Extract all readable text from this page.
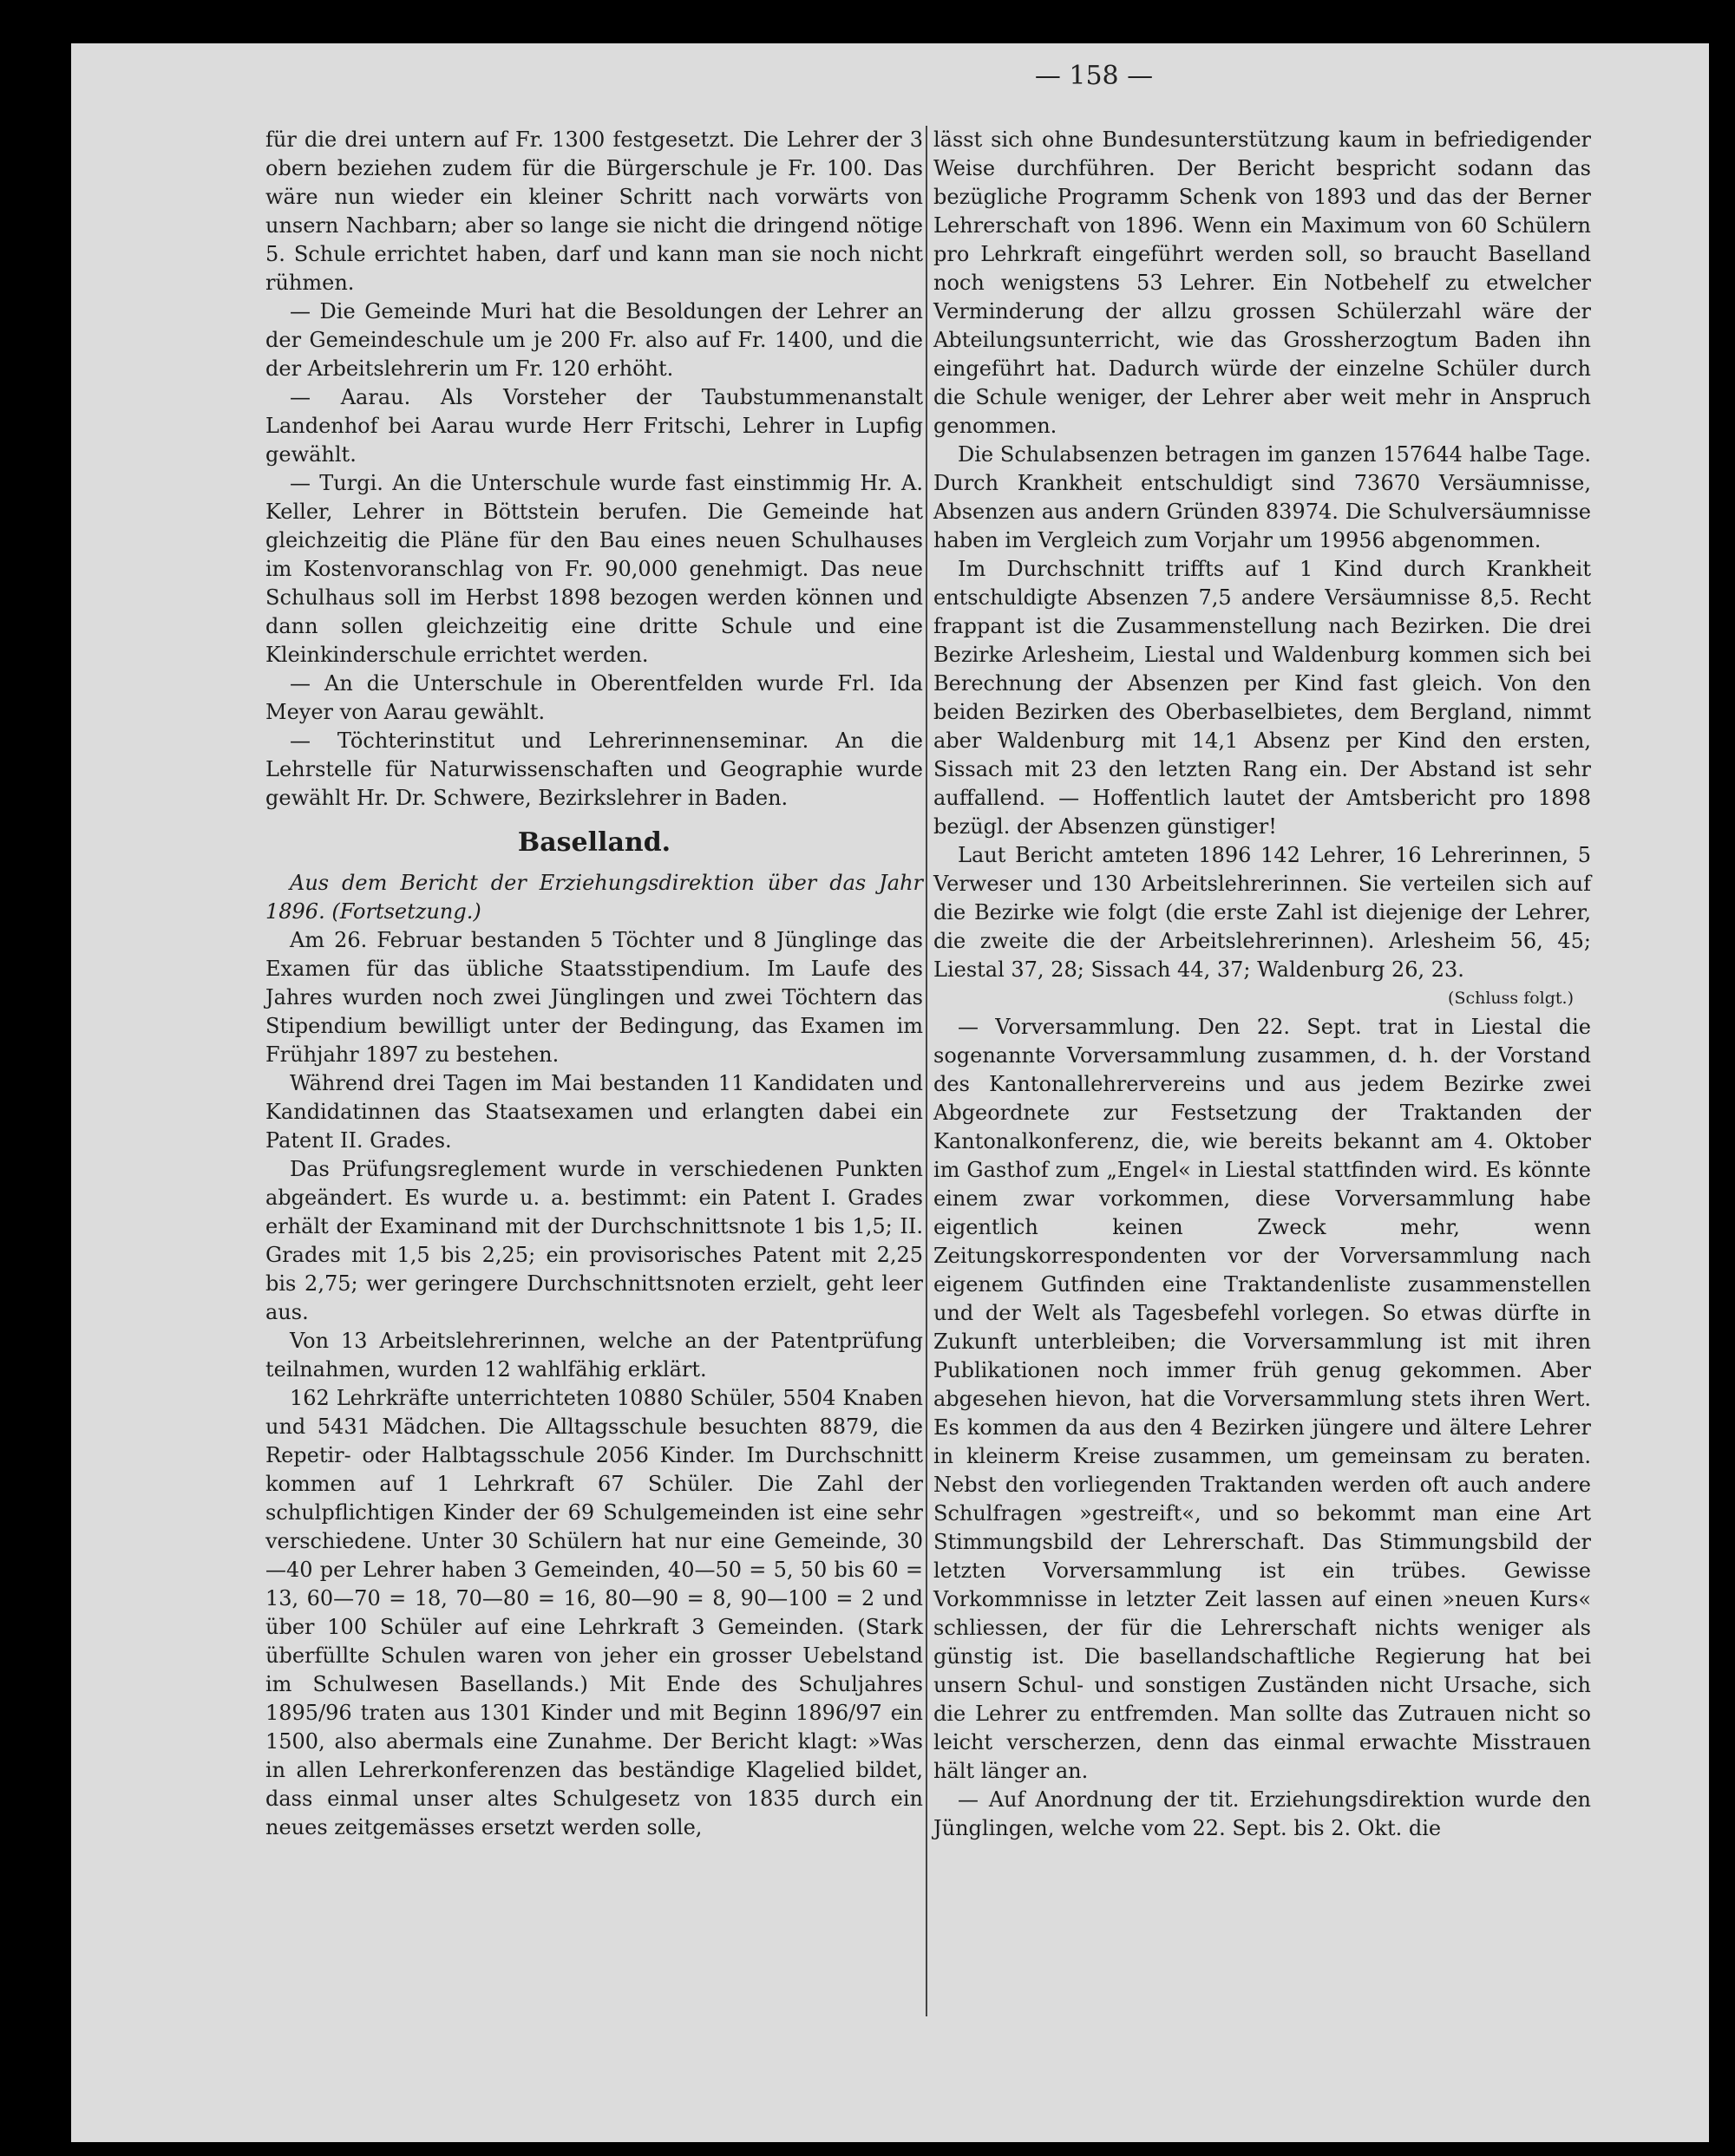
— 158 —

für die drei untern auf Fr. 1300 festgesetzt. Die Lehrer der 3 obern beziehen zudem für die Bürgerschule je Fr. 100. Das wäre nun wieder ein kleiner Schritt nach vorwärts von unsern Nachbarn; aber so lange sie nicht die dringend nötige 5. Schule errichtet haben, darf und kann man sie noch nicht rühmen.

— Die Gemeinde Muri hat die Besoldungen der Lehrer an der Gemeindeschule um je 200 Fr. also auf Fr. 1400, und die der Arbeitslehrerin um Fr. 120 erhöht.

— Aarau. Als Vorsteher der Taubstummenanstalt Landenhof bei Aarau wurde Herr Fritschi, Lehrer in Lupfig gewählt.

— Turgi. An die Unterschule wurde fast einstimmig Hr. A. Keller, Lehrer in Böttstein berufen. Die Gemeinde hat gleichzeitig die Pläne für den Bau eines neuen Schulhauses im Kostenvoranschlag von Fr. 90,000 genehmigt. Das neue Schulhaus soll im Herbst 1898 bezogen werden können und dann sollen gleichzeitig eine dritte Schule und eine Kleinkinderschule errichtet werden.

— An die Unterschule in Oberentfelden wurde Frl. Ida Meyer von Aarau gewählt.

— Töchterinstitut und Lehrerinnenseminar. An die Lehrstelle für Naturwissenschaften und Geographie wurde gewählt Hr. Dr. Schwere, Bezirkslehrer in Baden.

Baselland.

Aus dem Bericht der Erziehungsdirektion über das Jahr 1896. (Fortsetzung.)

Am 26. Februar bestanden 5 Töchter und 8 Jünglinge das Examen für das übliche Staatsstipendium. Im Laufe des Jahres wurden noch zwei Jünglingen und zwei Töchtern das Stipendium bewilligt unter der Bedingung, das Examen im Frühjahr 1897 zu bestehen.

Während drei Tagen im Mai bestanden 11 Kandidaten und Kandidatinnen das Staatsexamen und erlangten dabei ein Patent II. Grades.

Das Prüfungsreglement wurde in verschiedenen Punkten abgeändert. Es wurde u. a. bestimmt: ein Patent I. Grades erhält der Examinand mit der Durchschnittsnote 1 bis 1,5; II. Grades mit 1,5 bis 2,25; ein provisorisches Patent mit 2,25 bis 2,75; wer geringere Durchschnittsnoten erzielt, geht leer aus.

Von 13 Arbeitslehrerinnen, welche an der Patentprüfung teilnahmen, wurden 12 wahlfähig erklärt.

162 Lehrkräfte unterrichteten 10880 Schüler, 5504 Knaben und 5431 Mädchen. Die Alltagsschule besuchten 8879, die Repetir- oder Halbtagsschule 2056 Kinder. Im Durchschnitt kommen auf 1 Lehrkraft 67 Schüler. Die Zahl der schulpflichtigen Kinder der 69 Schulgemeinden ist eine sehr verschiedene. Unter 30 Schülern hat nur eine Gemeinde, 30—40 per Lehrer haben 3 Gemeinden, 40—50 = 5, 50 bis 60 = 13, 60—70 = 18, 70—80 = 16, 80—90 = 8, 90—100 = 2 und über 100 Schüler auf eine Lehrkraft 3 Gemeinden. (Stark überfüllte Schulen waren von jeher ein grosser Uebelstand im Schulwesen Basellands.) Mit Ende des Schuljahres 1895/96 traten aus 1301 Kinder und mit Beginn 1896/97 ein 1500, also abermals eine Zunahme. Der Bericht klagt: »Was in allen Lehrerkonferenzen das beständige Klagelied bildet, dass einmal unser altes Schulgesetz von 1835 durch ein neues zeitgemässes ersetzt werden solle,

lässt sich ohne Bundesunterstützung kaum in befriedigender Weise durchführen. Der Bericht bespricht sodann das bezügliche Programm Schenk von 1893 und das der Berner Lehrerschaft von 1896. Wenn ein Maximum von 60 Schülern pro Lehrkraft eingeführt werden soll, so braucht Baselland noch wenigstens 53 Lehrer. Ein Notbehelf zu etwelcher Verminderung der allzu grossen Schülerzahl wäre der Abteilungsunterricht, wie das Grossherzogtum Baden ihn eingeführt hat. Dadurch würde der einzelne Schüler durch die Schule weniger, der Lehrer aber weit mehr in Anspruch genommen.

Die Schulabsenzen betragen im ganzen 157644 halbe Tage. Durch Krankheit entschuldigt sind 73670 Versäumnisse, Absenzen aus andern Gründen 83974. Die Schulversäumnisse haben im Vergleich zum Vorjahr um 19956 abgenommen.

Im Durchschnitt triffts auf 1 Kind durch Krankheit entschuldigte Absenzen 7,5 andere Versäumnisse 8,5. Recht frappant ist die Zusammenstellung nach Bezirken. Die drei Bezirke Arlesheim, Liestal und Waldenburg kommen sich bei Berechnung der Absenzen per Kind fast gleich. Von den beiden Bezirken des Oberbaselbietes, dem Bergland, nimmt aber Waldenburg mit 14,1 Absenz per Kind den ersten, Sissach mit 23 den letzten Rang ein. Der Abstand ist sehr auffallend. — Hoffentlich lautet der Amtsbericht pro 1898 bezügl. der Absenzen günstiger!

Laut Bericht amteten 1896 142 Lehrer, 16 Lehrerinnen, 5 Verweser und 130 Arbeitslehrerinnen. Sie verteilen sich auf die Bezirke wie folgt (die erste Zahl ist diejenige der Lehrer, die zweite die der Arbeitslehrerinnen). Arlesheim 56, 45; Liestal 37, 28; Sissach 44, 37; Waldenburg 26, 23.

(Schluss folgt.)

— Vorversammlung. Den 22. Sept. trat in Liestal die sogenannte Vorversammlung zusammen, d. h. der Vorstand des Kantonallehrervereins und aus jedem Bezirke zwei Abgeordnete zur Festsetzung der Traktanden der Kantonalkonferenz, die, wie bereits bekannt am 4. Oktober im Gasthof zum „Engel« in Liestal stattfinden wird. Es könnte einem zwar vorkommen, diese Vorversammlung habe eigentlich keinen Zweck mehr, wenn Zeitungskorrespondenten vor der Vorversammlung nach eigenem Gutfinden eine Traktandenliste zusammenstellen und der Welt als Tagesbefehl vorlegen. So etwas dürfte in Zukunft unterbleiben; die Vorversammlung ist mit ihren Publikationen noch immer früh genug gekommen. Aber abgesehen hievon, hat die Vorversammlung stets ihren Wert. Es kommen da aus den 4 Bezirken jüngere und ältere Lehrer in kleinerm Kreise zusammen, um gemeinsam zu beraten. Nebst den vorliegenden Traktanden werden oft auch andere Schulfragen »gestreift«, und so bekommt man eine Art Stimmungsbild der Lehrerschaft. Das Stimmungsbild der letzten Vorversammlung ist ein trübes. Gewisse Vorkommnisse in letzter Zeit lassen auf einen »neuen Kurs« schliessen, der für die Lehrerschaft nichts weniger als günstig ist. Die basellandschaftliche Regierung hat bei unsern Schul- und sonstigen Zuständen nicht Ursache, sich die Lehrer zu entfremden. Man sollte das Zutrauen nicht so leicht verscherzen, denn das einmal erwachte Misstrauen hält länger an.

— Auf Anordnung der tit. Erziehungsdirektion wurde den Jünglingen, welche vom 22. Sept. bis 2. Okt. die
